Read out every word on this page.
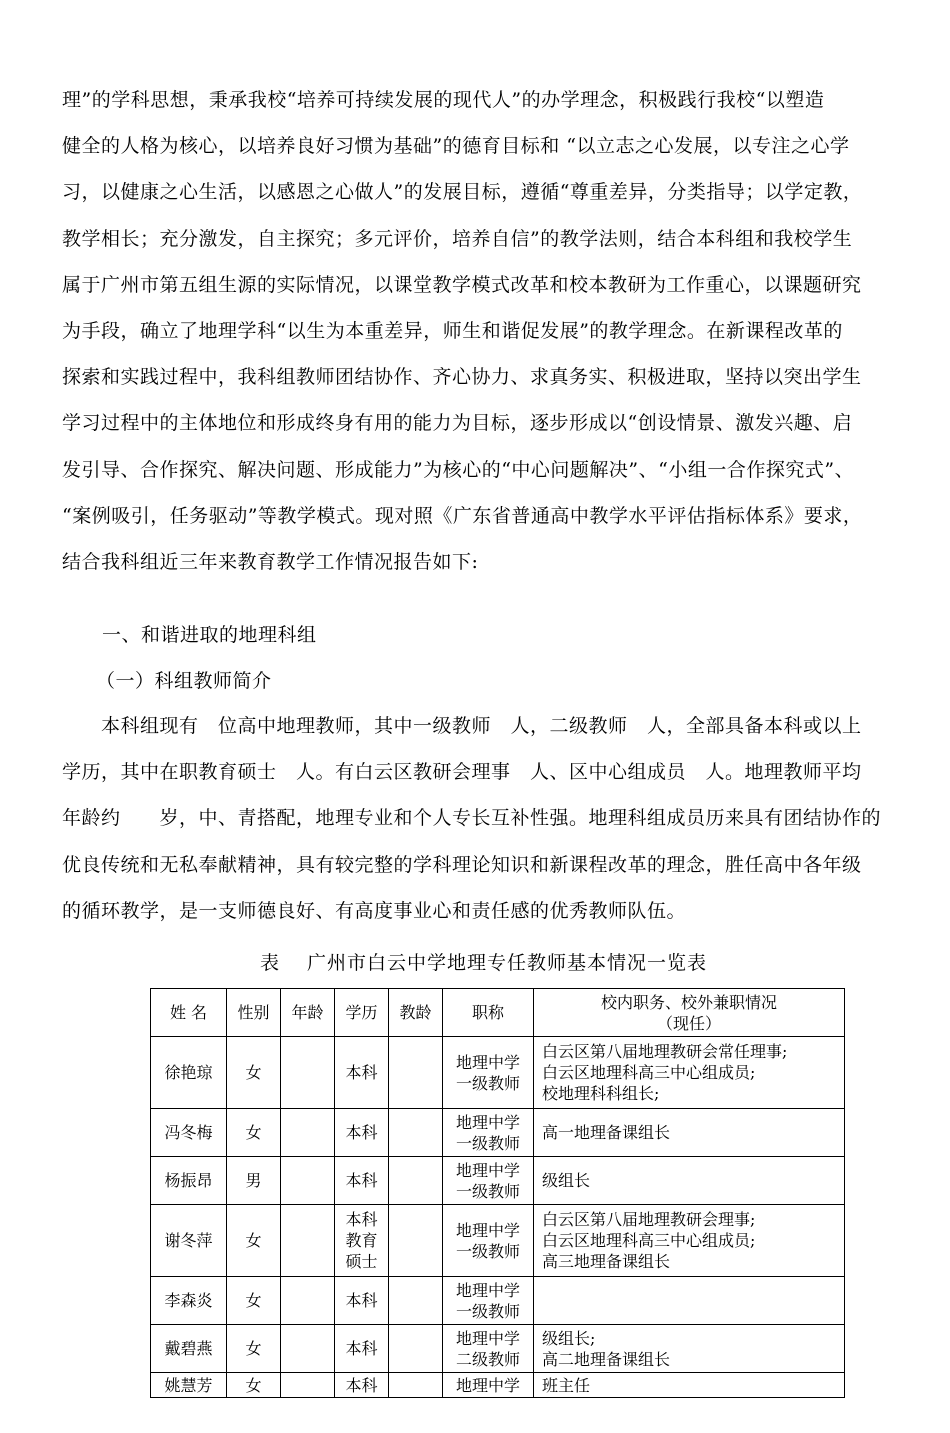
理”的学科思想，秉承我校“培养可持续发展的现代人”的办学理念，积极践行我校“以塑造

健全的人格为核心，以培养良好习惯为基础”的德育目标和 “以立志之心发展，以专注之心学

习，以健康之心生活，以感恩之心做人”的发展目标，遵循“尊重差异，分类指导；以学定教，

教学相长；充分激发，自主探究；多元评价，培养自信”的教学法则，结合本科组和我校学生

属于广州市第五组生源的实际情况，以课堂教学模式改革和校本教研为工作重心，以课题研究

为手段，确立了地理学科“以生为本重差异，师生和谐促发展”的教学理念。在新课程改革的

探索和实践过程中，我科组教师团结协作、齐心协力、求真务实、积极进取，坚持以突出学生

学习过程中的主体地位和形成终身有用的能力为目标，逐步形成以“创设情景、激发兴趣、启

发引导、合作探究、解决问题、形成能力”为核心的“中心问题解决”、“小组一合作探究式”、

“案例吸引，任务驱动”等教学模式。现对照《广东省普通高中教学水平评估指标体系》要求，

结合我科组近三年来教育教学工作情况报告如下:

一、和谐进取的地理科组
（一）科组教师简介

　　本科组现有　位高中地理教师，其中一级教师　人，二级教师　人，全部具备本科或以上

学历，其中在职教育硕士　人。有白云区教研会理事　人、区中心组成员　人。地理教师平均

年龄约　　岁，中、青搭配，地理专业和个人专长互补性强。地理科组成员历来具有团结协作的

优良传统和无私奉献精神，具有较完整的学科理论知识和新课程改革的理念，胜任高中各年级

的循环教学，是一支师德良好、有高度事业心和责任感的优秀教师队伍。

表　 广州市白云中学地理专任教师基本情况一览表
姓 名	性别	年龄	学历	教龄	职称	校内职务、校外兼职情况
（现任）

徐艳琼	女		本科		地理中学
一级教师	白云区第八届地理教研会常任理事;
白云区地理科高三中心组成员;
校地理科科组长;

冯冬梅	女		本科		地理中学
一级教师	高一地理备课组长

杨振昂	男		本科		地理中学
一级教师	级组长

谢冬萍	女		本科
教育
硕士		地理中学
一级教师	白云区第八届地理教研会理事;
白云区地理科高三中心组成员;
高三地理备课组长

李森炎	女		本科		地理中学
一级教师	

戴碧燕	女		本科		地理中学
二级教师	级组长;
高二地理备课组长

姚慧芳	女		本科		地理中学	班主任
